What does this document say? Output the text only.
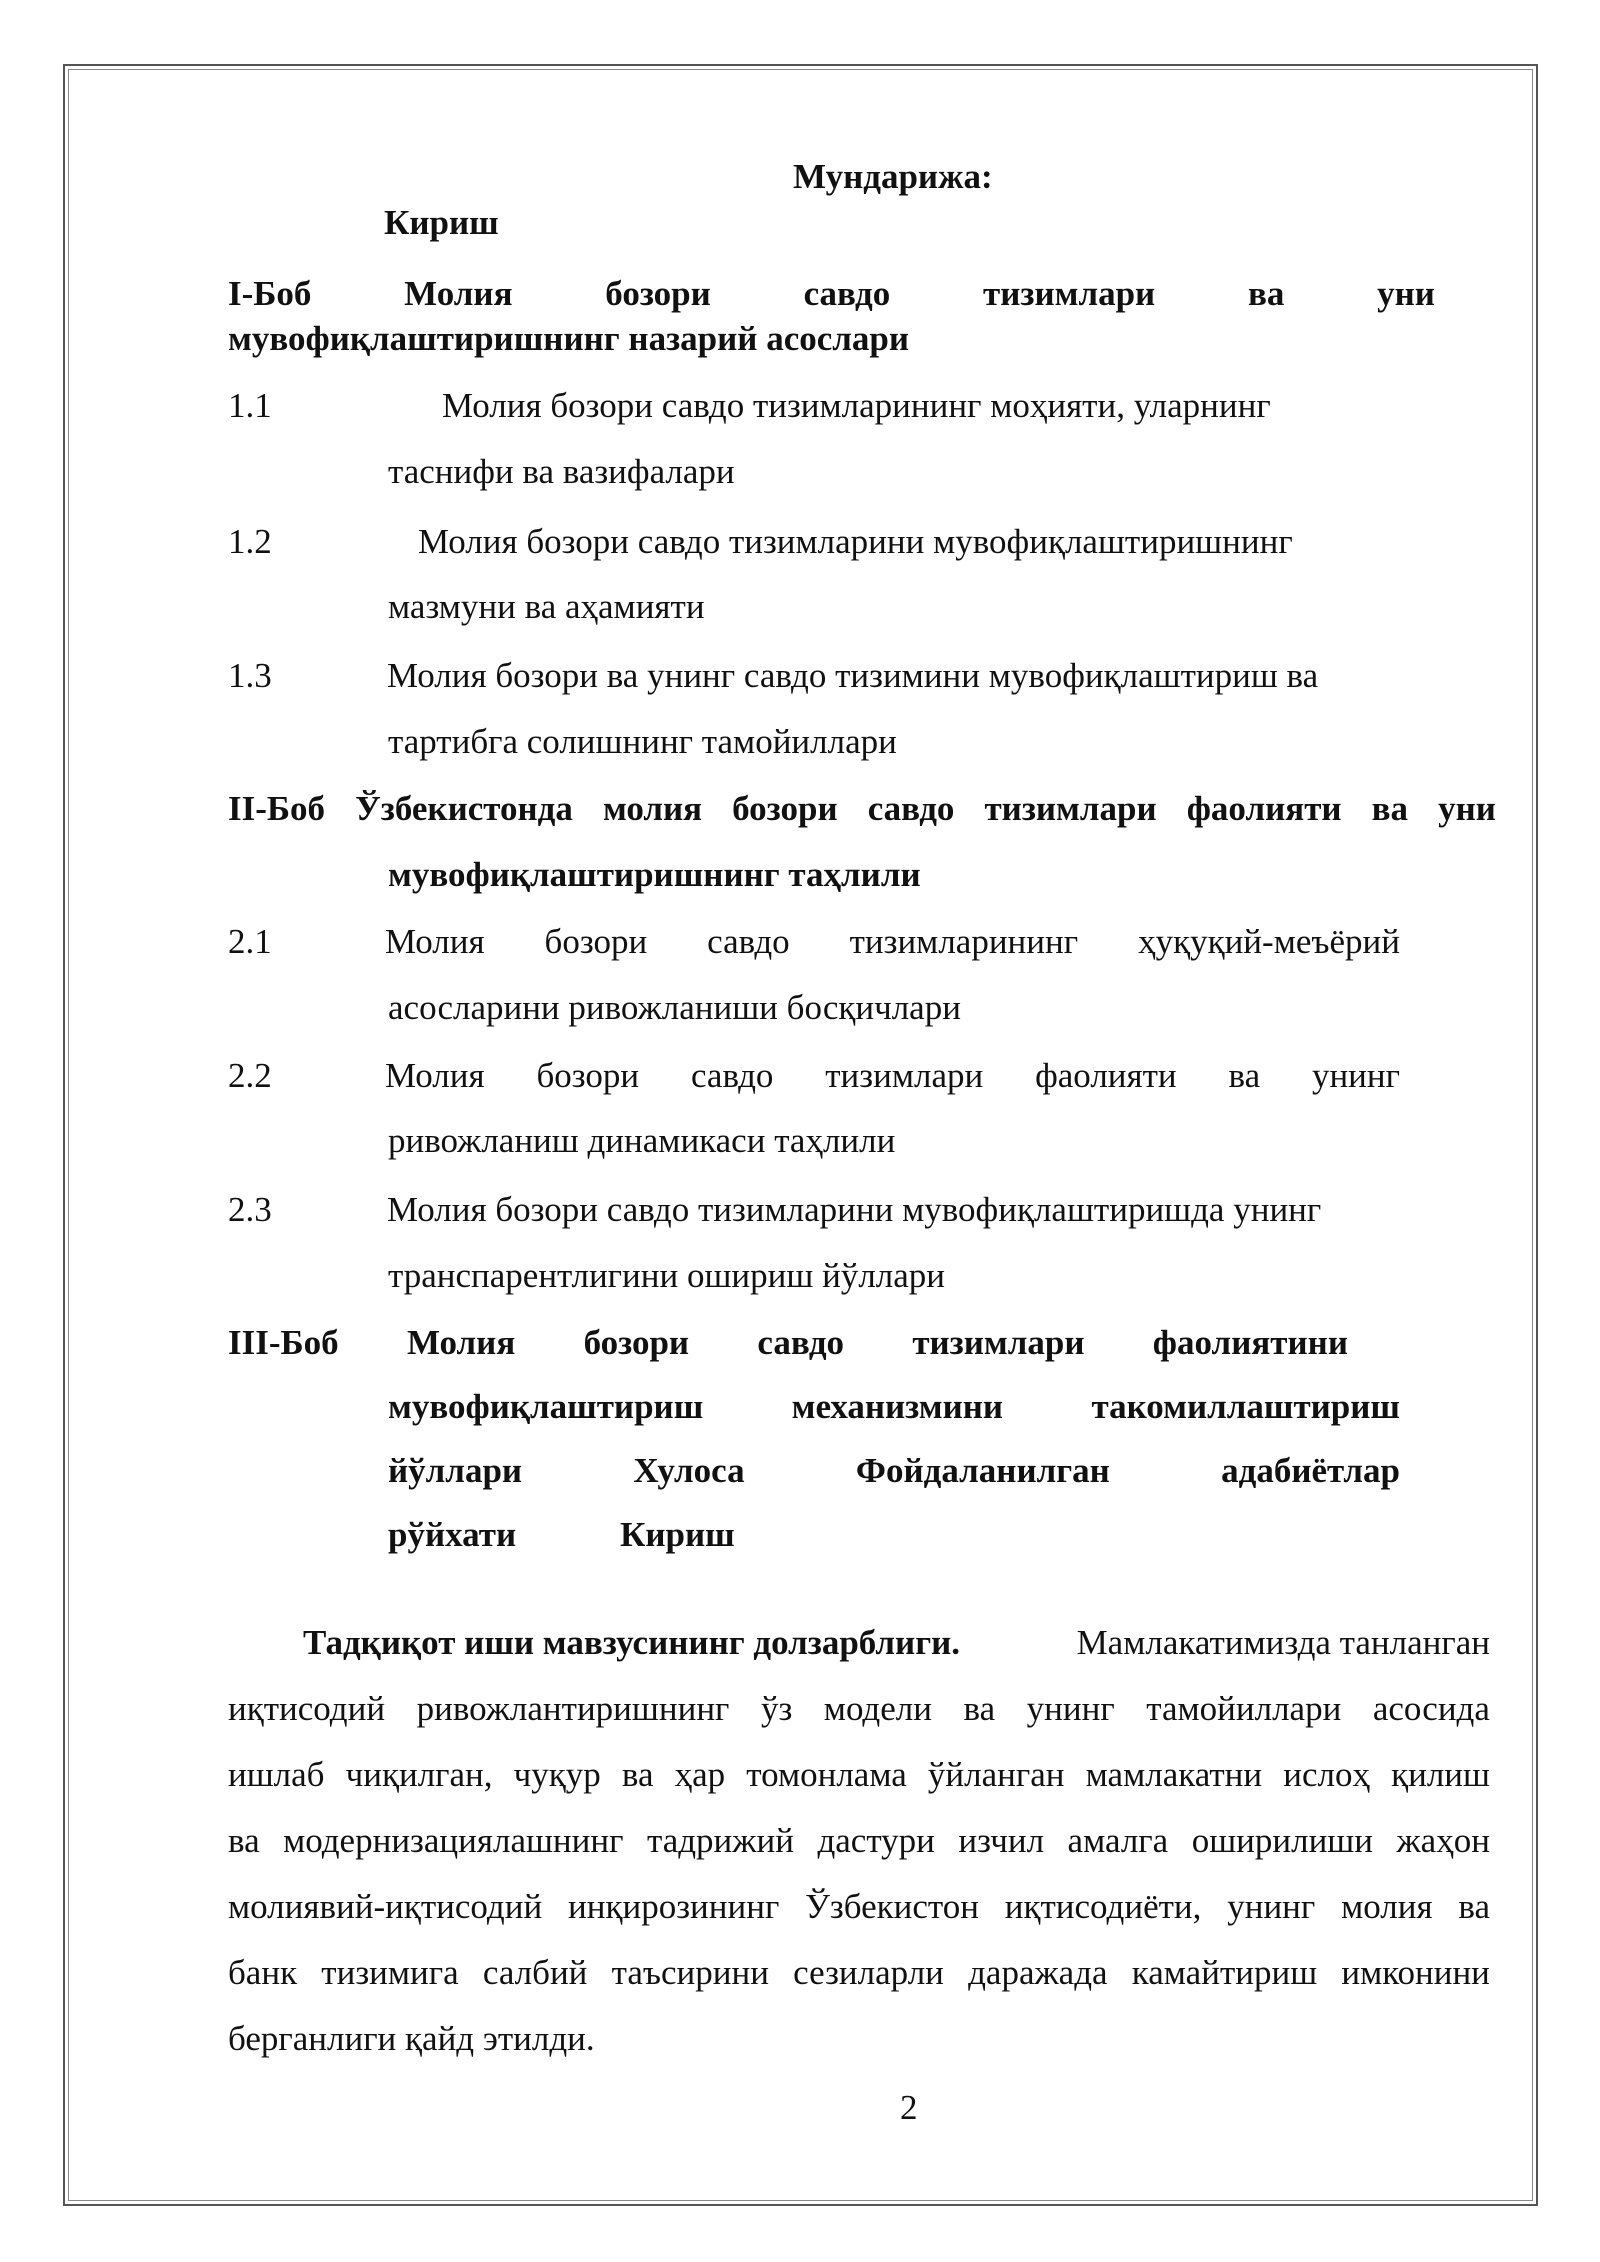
Мундарижа:
Кириш
I-Боб	Молия	бозори	савдо	тизимлари	ва	уни
мувофиқлаштиришнинг назарий асослари
1.1	Молия бозори савдо тизимларининг моҳияти, уларнинг
таснифи ва вазифалари
1.2	Молия бозори савдо тизимларини мувофиқлаштиришнинг
мазмуни ва аҳамияти
1.3	Молия бозори ва унинг савдо тизимини мувофиқлаштириш ва
тартибга солишнинг тамойиллари
II-Боб Ўзбекистонда молия бозори савдо тизимлари фаолияти ва уни
мувофиқлаштиришнинг таҳлили
2.1	Молия бозори савдо тизимларининг ҳуқуқий-меъёрий
асосларини ривожланиши босқичлари
2.2	Молия бозори савдо тизимлари фаолияти ва унинг
ривожланиш динамикаси таҳлили
2.3	Молия бозори савдо тизимларини мувофиқлаштиришда унинг
транспарентлигини ошириш йўллари
III-Боб Молия бозори савдо тизимлари фаолиятини
мувофиқлаштириш	механизмини	такомиллаштириш
йўллари	Хулоса	Фойдаланилган	адабиётлар
рўйхати	Кириш
Тадқиқот иши мавзусининг долзарблиги.	Мамлакатимизда танланган
иқтисодий ривожлантиришнинг ўз модели ва унинг тамойиллари асосида
ишлаб чиқилган, чуқур ва ҳар томонлама ўйланган мамлакатни ислоҳ қилиш
ва модернизациялашнинг тадрижий дастури изчил амалга оширилиши жаҳон
молиявий-иқтисодий инқирозининг Ўзбекистон иқтисодиёти, унинг молия ва
банк тизимига салбий таъсирини сезиларли даражада камайтириш имконини
берганлиги қайд этилди.
2
